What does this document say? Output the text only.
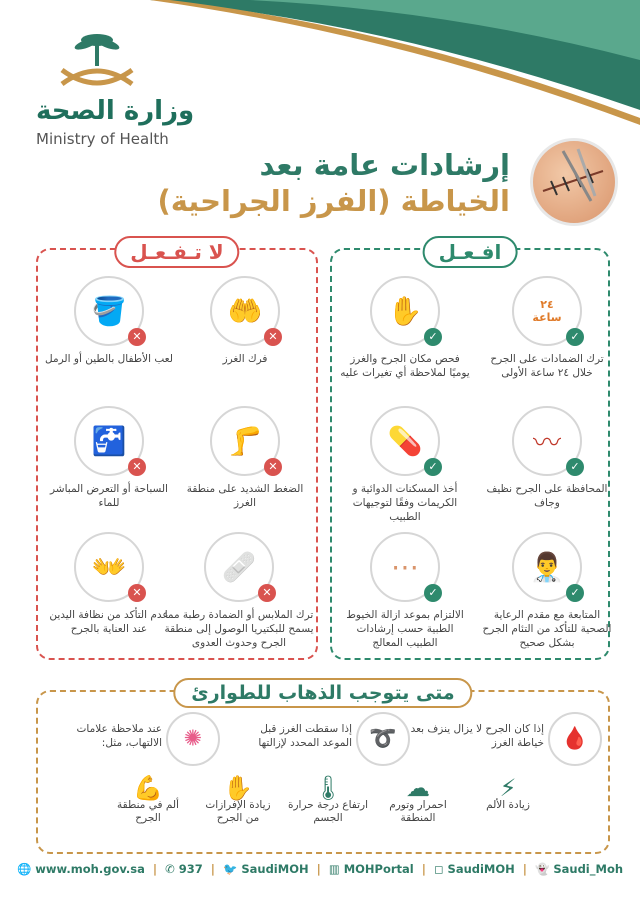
وزارة الصحة
Ministry of Health
إرشادات عامة بعد
الخياطة (الفرز الجراحية)
افـعـل
٢٤ ساعة
✓
ترك الضمادات على الجرح خلال ٢٤ ساعة الأولى
✋
✓
فحص مكان الجرح والغرز يوميًا لملاحظة أي تغيرات عليه
〰
✓
المحافظة على الجرح نظيف وجاف
💊
✓
أخذ المسكنات الدوائية و الكريمات وفقًا لتوجيهات الطبيب
👨‍⚕️
✓
المتابعة مع مقدم الرعاية الصحية للتأكد من التئام الجرح بشكل صحيح
⋯
✓
الالتزام بموعد ازالة الخيوط الطبية حسب إرشادات الطبيب المعالج
لا تـفـعـل
🤲
✕
فرك الغرز
🪣
✕
لعب الأطفال بالطين أو الرمل
🦵
✕
الضغط الشديد على منطقة الغرز
🚰
✕
السباحة أو التعرض المباشر للماء
🩹
✕
ترك الملابس أو الضمادة رطبة مما يسمح للبكتيريا الوصول إلى منطقة الجرح وحدوث العدوى
👐
✕
عدم التأكد من نظافة اليدين عند العناية بالجرح
متى يتوجب الذهاب للطوارئ
🩸
إذا كان الجرح لا يزال ينزف بعد خياطة الغرز
➰
إذا سقطت الغرز قبل الموعد المحدد لإزالتها
✺
عند ملاحظة علامات الالتهاب، مثل:
⚡
زيادة الألم
☁
احمرار وتورم المنطقة
🌡
ارتفاع درجة حرارة الجسم
✋
زيادة الإفرازات من الجرح
💪
ألم في منطقة الجرح
🌐 www.moh.gov.sa | ✆ 937 | 🐦 SaudiMOH | ▥ MOHPortal | ◻ SaudiMOH | 👻 Saudi_Moh
